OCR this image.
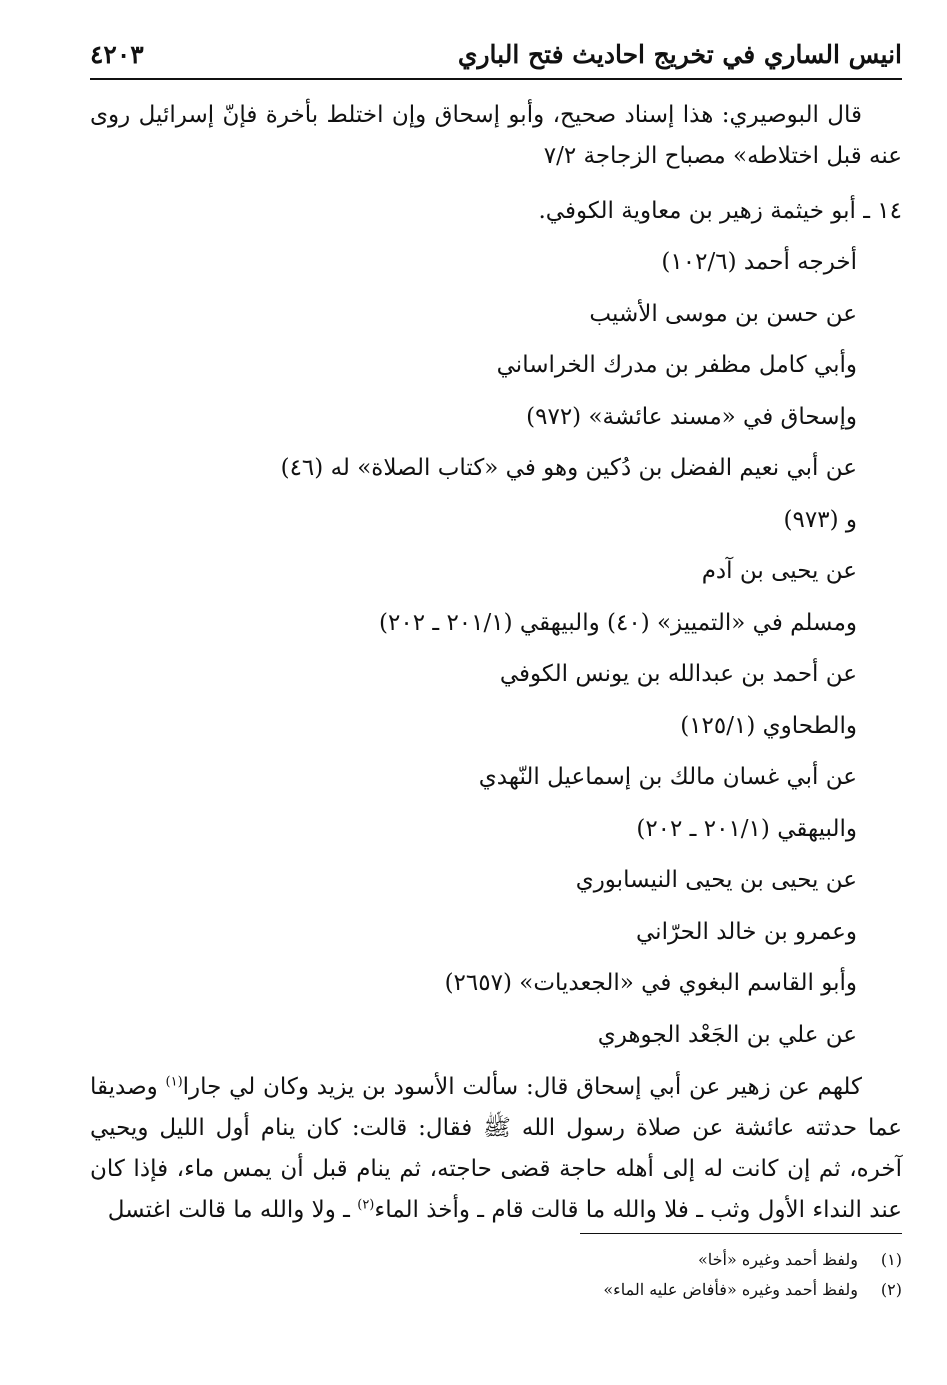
انيس الساري في تخريج احاديث فتح الباري
٤٢٠٣

قال البوصيري: هذا إسناد صحيح، وأبو إسحاق وإن اختلط بأخرة فإنّ إسرائيل روى عنه قبل اختلاطه» مصباح الزجاجة ٧/٢

١٤ ـ أبو خيثمة زهير بن معاوية الكوفي.

أخرجه أحمد (١٠٢/٦)

عن حسن بن موسى الأشيب

وأبي كامل مظفر بن مدرك الخراساني

وإسحاق في «مسند عائشة» (٩٧٢)

عن أبي نعيم الفضل بن دُكين وهو في «كتاب الصلاة» له (٤٦)

و (٩٧٣)

عن يحيى بن آدم

ومسلم في «التمييز» (٤٠) والبيهقي (٢٠١/١ ـ ٢٠٢)

عن أحمد بن عبدالله بن يونس الكوفي

والطحاوي (١٢٥/١)

عن أبي غسان مالك بن إسماعيل النّهدي

والبيهقي (٢٠١/١ ـ ٢٠٢)

عن يحيى بن يحيى النيسابوري

وعمرو بن خالد الحرّاني

وأبو القاسم البغوي في «الجعديات» (٢٦٥٧)

عن علي بن الجَعْد الجوهري

كلهم عن زهير عن أبي إسحاق قال: سألت الأسود بن يزيد وكان لي جارا$^{(١)}$ وصديقا عما حدثته عائشة عن صلاة رسول الله ﷺ فقال: قالت: كان ينام أول الليل ويحيي آخره، ثم إن كانت له إلى أهله حاجة قضى حاجته، ثم ينام قبل أن يمس ماء، فإذا كان عند النداء الأول وثب ـ فلا والله ما قالت قام ـ وأخذ الماء$^{(٢)}$ ـ ولا والله ما قالت اغتسل

(١)ولفظ أحمد وغيره «أخا»

(٢)ولفظ أحمد وغيره «فأفاض عليه الماء»
